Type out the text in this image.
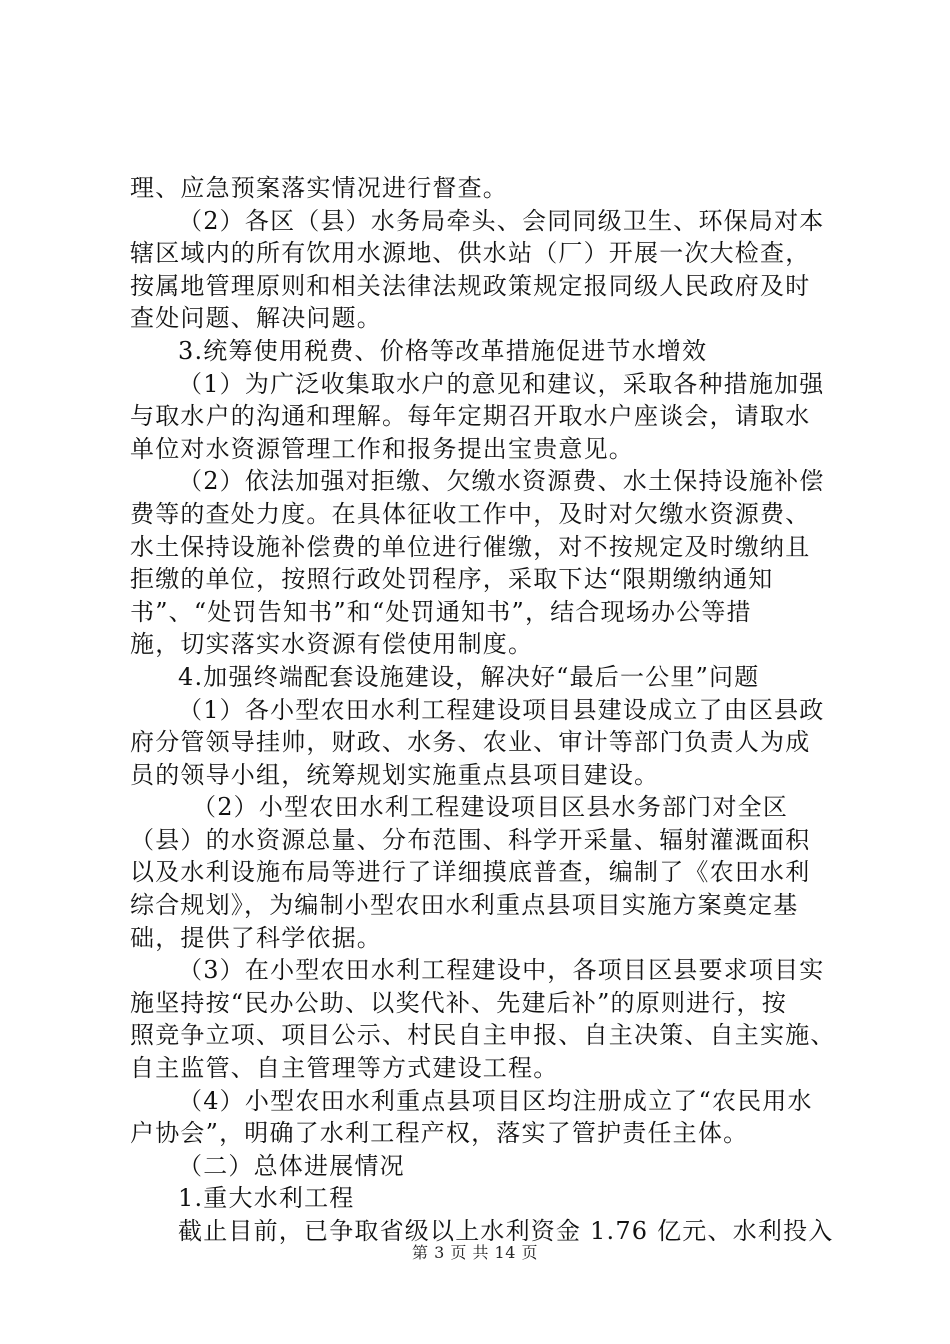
理、应急预案落实情况进行督查。
（2）各区（县）水务局牵头、会同同级卫生、环保局对本
辖区域内的所有饮用水源地、供水站（厂）开展一次大检查，
按属地管理原则和相关法律法规政策规定报同级人民政府及时
查处问题、解决问题。
3.统筹使用税费、价格等改革措施促进节水增效
（1）为广泛收集取水户的意见和建议，采取各种措施加强
与取水户的沟通和理解。每年定期召开取水户座谈会，请取水
单位对水资源管理工作和报务提出宝贵意见。
（2）依法加强对拒缴、欠缴水资源费、水土保持设施补偿
费等的查处力度。在具体征收工作中，及时对欠缴水资源费、
水土保持设施补偿费的单位进行催缴，对不按规定及时缴纳且
拒缴的单位，按照行政处罚程序，采取下达“限期缴纳通知
书”、“处罚告知书”和“处罚通知书”，结合现场办公等措
施，切实落实水资源有偿使用制度。
4.加强终端配套设施建设，解决好“最后一公里”问题
（1）各小型农田水利工程建设项目县建设成立了由区县政
府分管领导挂帅，财政、水务、农业、审计等部门负责人为成
员的领导小组，统筹规划实施重点县项目建设。
（2）小型农田水利工程建设项目区县水务部门对全区
（县）的水资源总量、分布范围、科学开采量、辐射灌溉面积
以及水利设施布局等进行了详细摸底普查，编制了《农田水利
综合规划》，为编制小型农田水利重点县项目实施方案奠定基
础，提供了科学依据。
（3）在小型农田水利工程建设中，各项目区县要求项目实
施坚持按“民办公助、以奖代补、先建后补”的原则进行，按
照竞争立项、项目公示、村民自主申报、自主决策、自主实施、
自主监管、自主管理等方式建设工程。
（4）小型农田水利重点县项目区均注册成立了“农民用水
户协会”，明确了水利工程产权，落实了管护责任主体。
（二）总体进展情况
1.重大水利工程
截止目前，已争取省级以上水利资金 1.76 亿元、水利投入
第 3 页 共 14 页
